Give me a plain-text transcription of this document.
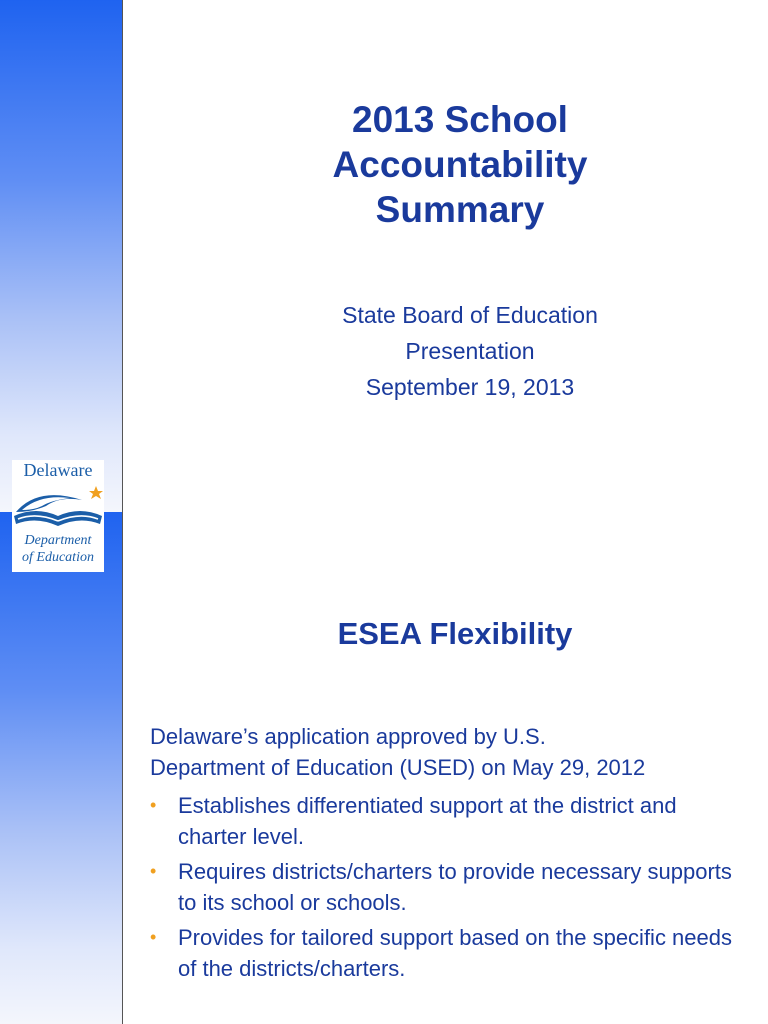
2013 School
Accountability
Summary
State Board of Education
Presentation
September 19, 2013
ESEA Flexibility
Delaware’s application approved by U.S.
Department of Education (USED) on May 29, 2012
• Establishes differentiated support at the district and charter level.
• Requires districts/charters to provide necessary supports to its school or schools.
• Provides for tailored support based on the specific needs of the districts/charters.
Delaware
Department
of Education
